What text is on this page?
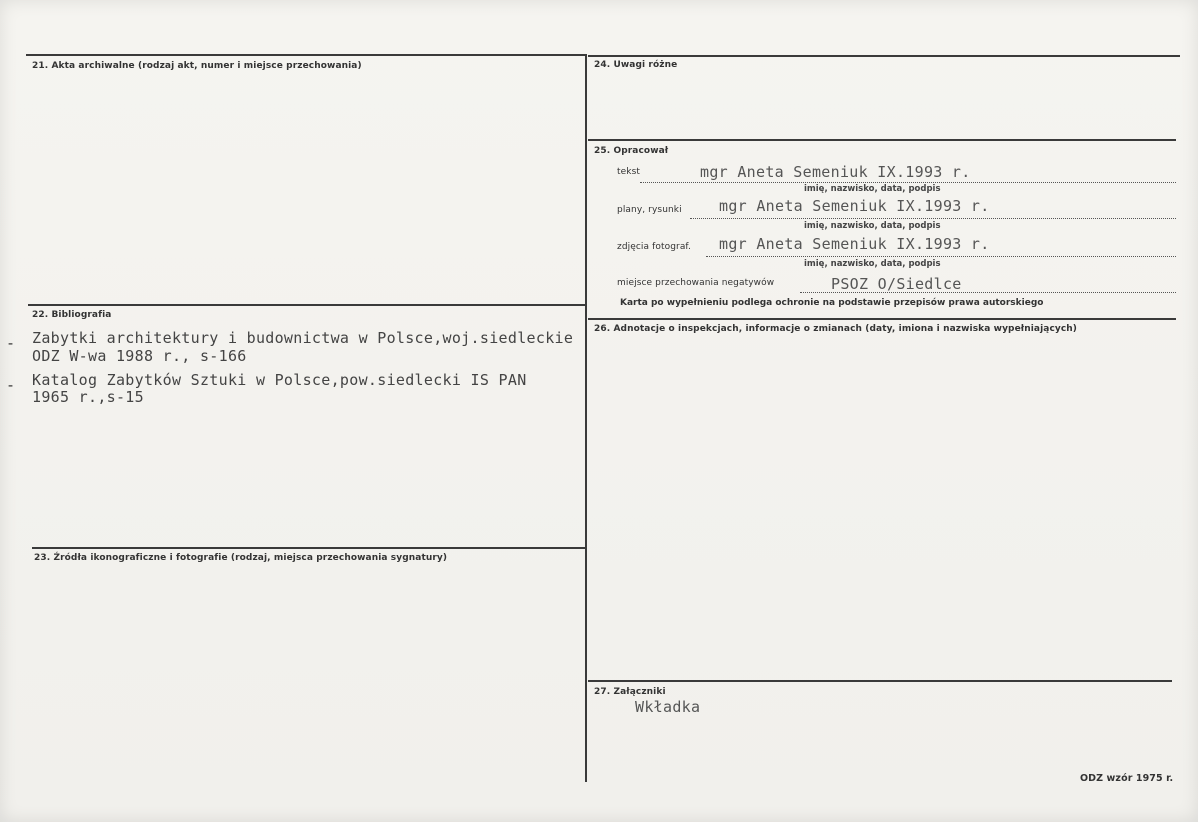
21. Akta archiwalne (rodzaj akt, numer i miejsce przechowania)
22. Bibliografia
- Zabytki architektury i budownictwa w Polsce,woj.siedleckie
ODZ W-wa 1988 r., s-166
- Katalog Zabytków Sztuki w Polsce,pow.siedlecki IS PAN
1965 r.,s-15
23. Źródła ikonograficzne i fotografie (rodzaj, miejsca przechowania sygnatury)
24. Uwagi różne
25. Opracował
tekst	mgr Aneta Semeniuk IX.1993 r.
imię, nazwisko, data, podpis
plany, rysunki mgr Aneta Semeniuk IX.1993 r.
imię, nazwisko, data, podpis
zdjęcia fotograf. mgr Aneta Semeniuk IX.1993 r.
imię, nazwisko, data, podpis
miejsce przechowania negatywów	PSOZ O/Siedlce
Karta po wypełnieniu podlega ochronie na podstawie przepisów prawa autorskiego
26. Adnotacje o inspekcjach, informacje o zmianach (daty, imiona i nazwiska wypełniających)
27. Załączniki
Wkładka
ODZ wzór 1975 r.
